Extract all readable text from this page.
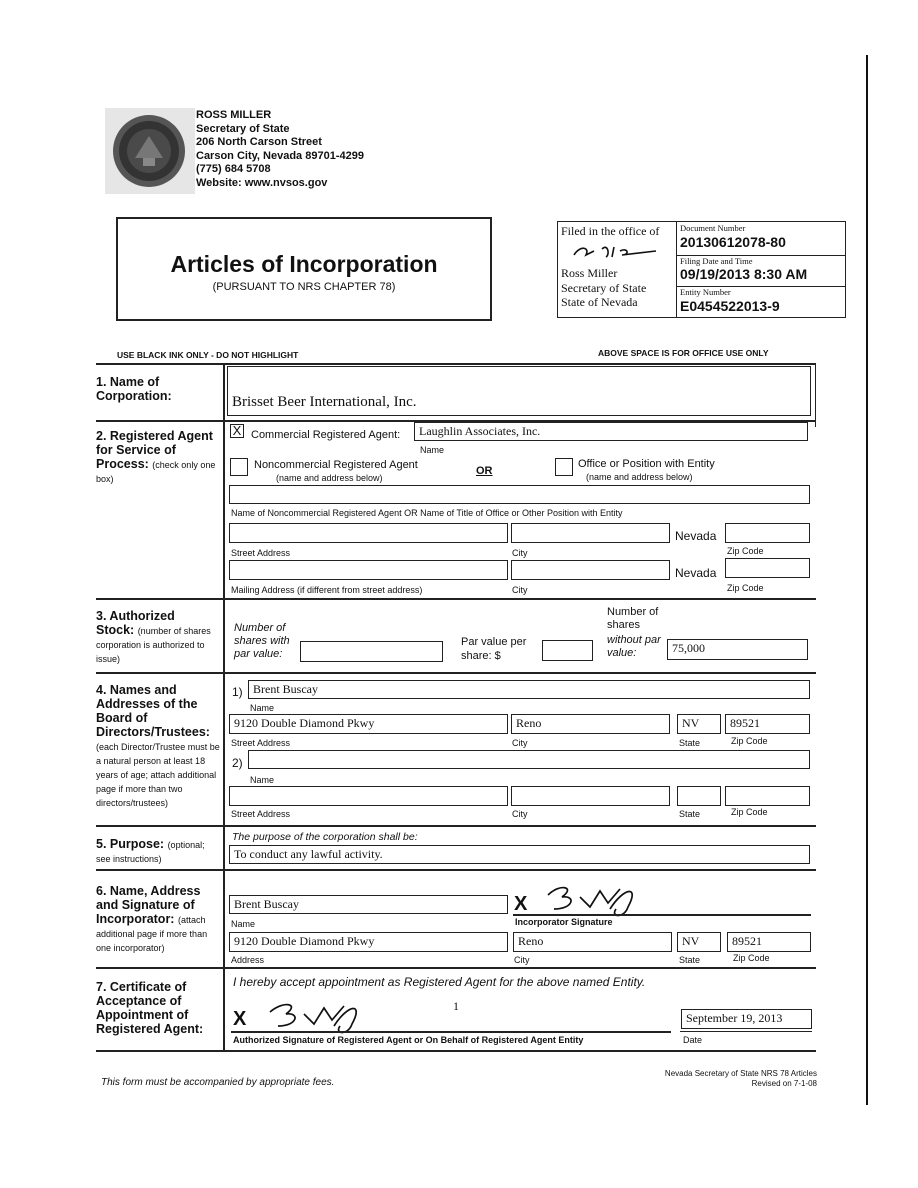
ROSS MILLER
Secretary of State
206 North Carson Street
Carson City, Nevada 89701-4299
(775) 684 5708
Website: www.nvsos.gov
Articles of Incorporation
(PURSUANT TO NRS CHAPTER 78)
Filed in the office of
Ross Miller
Secretary of State
State of Nevada
Document Number
20130612078-80
Filing Date and Time
09/19/2013 8:30 AM
Entity Number
E0454522013-9
USE BLACK INK ONLY - DO NOT HIGHLIGHT	ABOVE SPACE IS FOR OFFICE USE ONLY
1. Name of Corporation:	Brisset Beer International, Inc.
2. Registered Agent for Service of Process: (check only one box)
X Commercial Registered Agent:	Laughlin Associates, Inc.
Name
Noncommercial Registered Agent
(name and address below)
OR
Office or Position with Entity
(name and address below)
Name of Noncommercial Registered Agent OR Name of Title of Office or Other Position with Entity
Nevada
Street Address	City	Zip Code
Nevada
Mailing Address (if different from street address)	City	Zip Code
3. Authorized Stock: (number of shares corporation is authorized to issue)
Number of shares with par value:
Par value per share: $
Number of shares
without par value:	75,000
4. Names and Addresses of the Board of Directors/Trustees:
(each Director/Trustee must be a natural person at least 18 years of age; attach additional page if more than two directors/trustees)
1) Brent Buscay
Name
9120 Double Diamond Pkwy	Reno	NV	89521
Street Address	City	State	Zip Code
2)
Name
Street Address	City	State	Zip Code
5. Purpose: (optional; see instructions)
The purpose of the corporation shall be:
To conduct any lawful activity.
6. Name, Address and Signature of Incorporator: (attach additional page if more than one incorporator)
Brent Buscay	X
Incorporator Signature
Name
9120 Double Diamond Pkwy	Reno	NV	89521
Address	City	State	Zip Code
7. Certificate of Acceptance of Appointment of Registered Agent:
I hereby accept appointment as Registered Agent for the above named Entity.
X
1
Authorized Signature of Registered Agent or On Behalf of Registered Agent Entity
September 19, 2013
Date
This form must be accompanied by appropriate fees.
Nevada Secretary of State NRS 78 Articles
Revised on 7-1-08
